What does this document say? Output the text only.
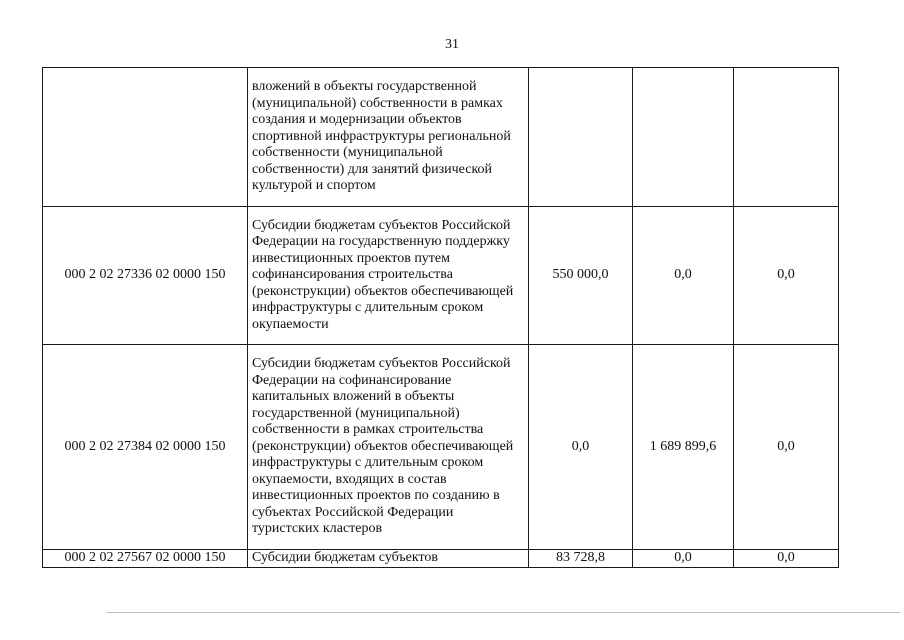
31
	вложений в объекты государственной (муниципальной) собственности в рамках создания и модернизации объектов спортивной инфраструктуры региональной собственности (муниципальной собственности) для занятий физической культурой и спортом			
000 2 02 27336 02 0000 150	Субсидии бюджетам субъектов Российской Федерации на государственную поддержку инвестиционных проектов путем софинансирования строительства (реконструкции) объектов обеспечивающей инфраструктуры с длительным сроком окупаемости	550 000,0	0,0	0,0
000 2 02 27384 02 0000 150	Субсидии бюджетам субъектов Российской Федерации на софинансирование капитальных вложений в объекты государственной (муниципальной) собственности в рамках строительства (реконструкции) объектов обеспечивающей инфраструктуры с длительным сроком окупаемости, входящих в состав инвестиционных проектов по созданию в субъектах Российской Федерации туристских кластеров	0,0	1 689 899,6	0,0
000 2 02 27567 02 0000 150	Субсидии бюджетам субъектов	83 728,8	0,0	0,0
